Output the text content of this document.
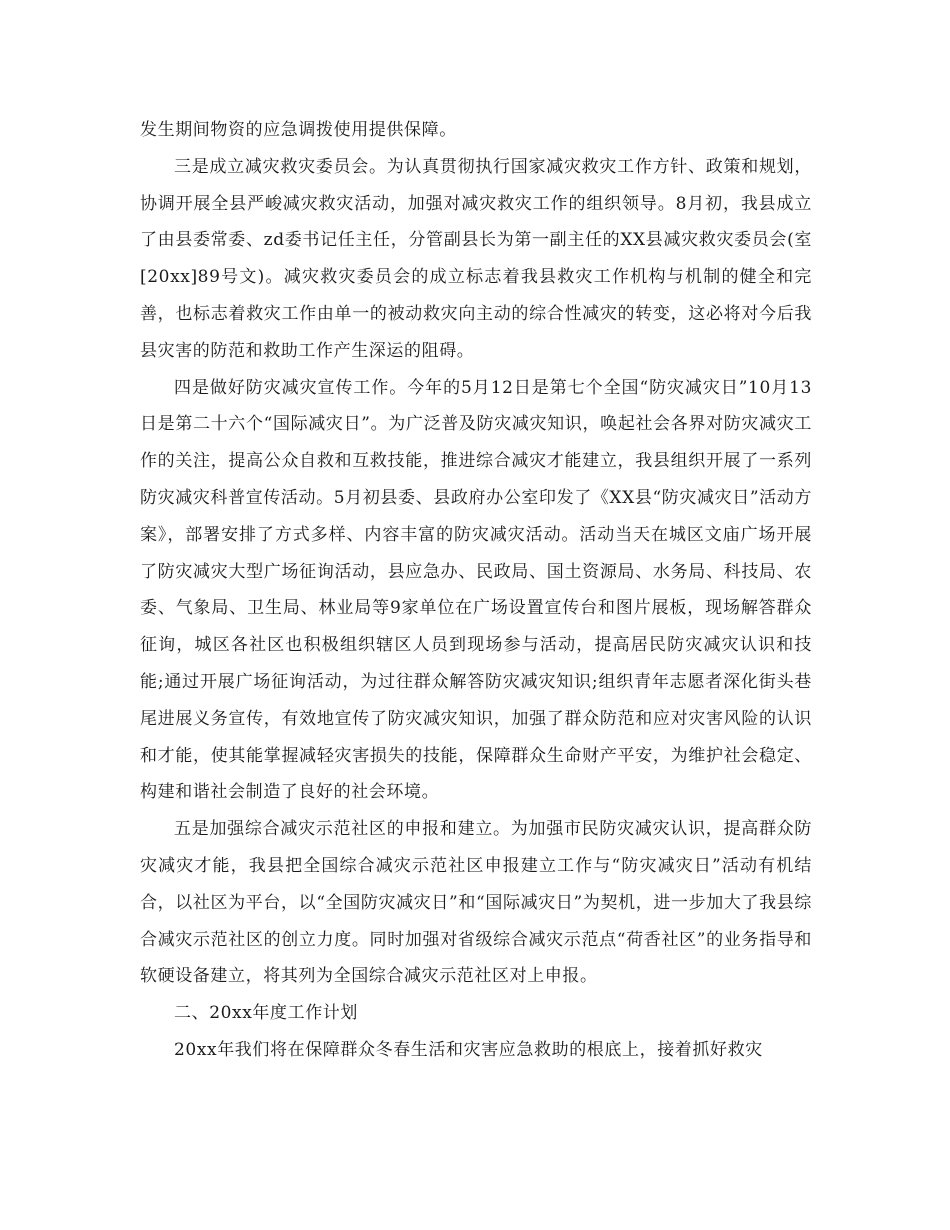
发生期间物资的应急调拨使用提供保障。

三是成立减灾救灾委员会。为认真贯彻执行国家减灾救灾工作方针、政策和规划，协调开展全县严峻减灾救灾活动，加强对减灾救灾工作的组织领导。8月初，我县成立了由县委常委、zd委书记任主任，分管副县长为第一副主任的XX县减灾救灾委员会(室[20xx]89号文)。减灾救灾委员会的成立标志着我县救灾工作机构与机制的健全和完善，也标志着救灾工作由单一的被动救灾向主动的综合性减灾的转变，这必将对今后我县灾害的防范和救助工作产生深运的阻碍。

四是做好防灾减灾宣传工作。今年的5月12日是第七个全国“防灾减灾日”10月13日是第二十六个“国际减灾日”。为广泛普及防灾减灾知识，唤起社会各界对防灾减灾工作的关注，提高公众自救和互救技能，推进综合减灾才能建立，我县组织开展了一系列防灾减灾科普宣传活动。5月初县委、县政府办公室印发了《XX县“防灾减灾日”活动方案》，部署安排了方式多样、内容丰富的防灾减灾活动。活动当天在城区文庙广场开展了防灾减灾大型广场征询活动，县应急办、民政局、国土资源局、水务局、科技局、农委、气象局、卫生局、林业局等9家单位在广场设置宣传台和图片展板，现场解答群众征询，城区各社区也积极组织辖区人员到现场参与活动，提高居民防灾减灾认识和技能;通过开展广场征询活动，为过往群众解答防灾减灾知识;组织青年志愿者深化街头巷尾进展义务宣传，有效地宣传了防灾减灾知识，加强了群众防范和应对灾害风险的认识和才能，使其能掌握减轻灾害损失的技能，保障群众生命财产平安，为维护社会稳定、构建和谐社会制造了良好的社会环境。

五是加强综合减灾示范社区的申报和建立。为加强市民防灾减灾认识，提高群众防灾减灾才能，我县把全国综合减灾示范社区申报建立工作与“防灾减灾日”活动有机结合，以社区为平台，以“全国防灾减灾日”和“国际减灾日”为契机，进一步加大了我县综合减灾示范社区的创立力度。同时加强对省级综合减灾示范点“荷香社区”的业务指导和软硬设备建立，将其列为全国综合减灾示范社区对上申报。

二、20xx年度工作计划

20xx年我们将在保障群众冬春生活和灾害应急救助的根底上，接着抓好救灾
